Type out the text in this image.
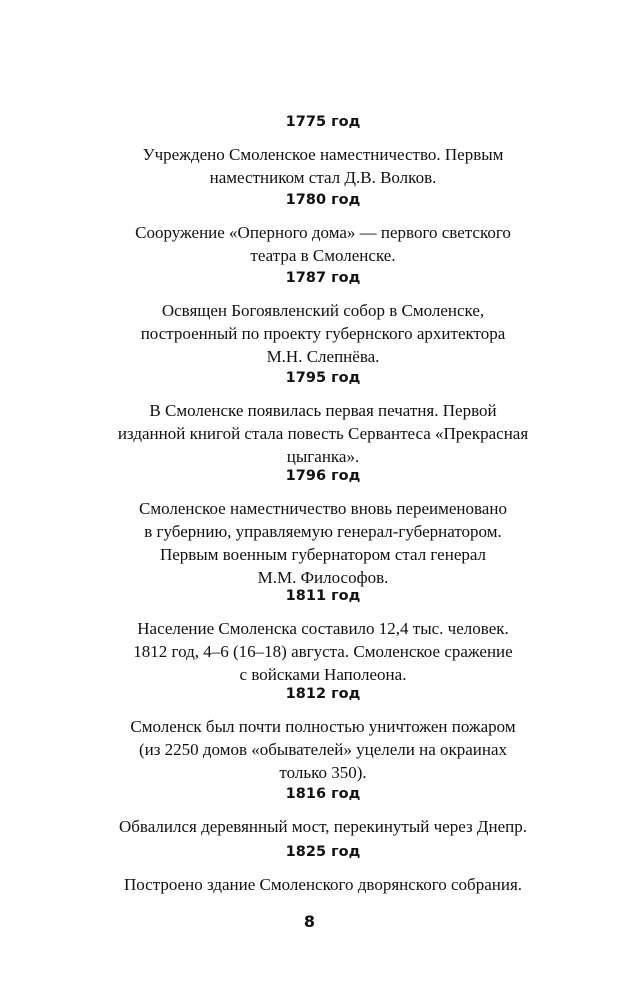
1775 год
Учреждено Смоленское наместничество. Первым
наместником стал Д.В. Волков.
1780 год
Сооружение «Оперного дома» — первого светского
театра в Смоленске.
1787 год
Освящен Богоявленский собор в Смоленске,
построенный по проекту губернского архитектора
М.Н. Слепнёва.
1795 год
В Смоленске появилась первая печатня. Первой
изданной книгой стала повесть Сервантеса «Прекрасная
цыганка».
1796 год
Смоленское наместничество вновь переименовано
в губернию, управляемую генерал-губернатором.
Первым военным губернатором стал генерал
М.М. Философов.
1811 год
Население Смоленска составило 12,4 тыс. человек.
1812 год, 4–6 (16–18) августа. Смоленское сражение
с войсками Наполеона.
1812 год
Смоленск был почти полностью уничтожен пожаром
(из 2250 домов «обывателей» уцелели на окраинах
только 350).
1816 год
Обвалился деревянный мост, перекинутый через Днепр.
1825 год
Построено здание Смоленского дворянского собрания.
8
